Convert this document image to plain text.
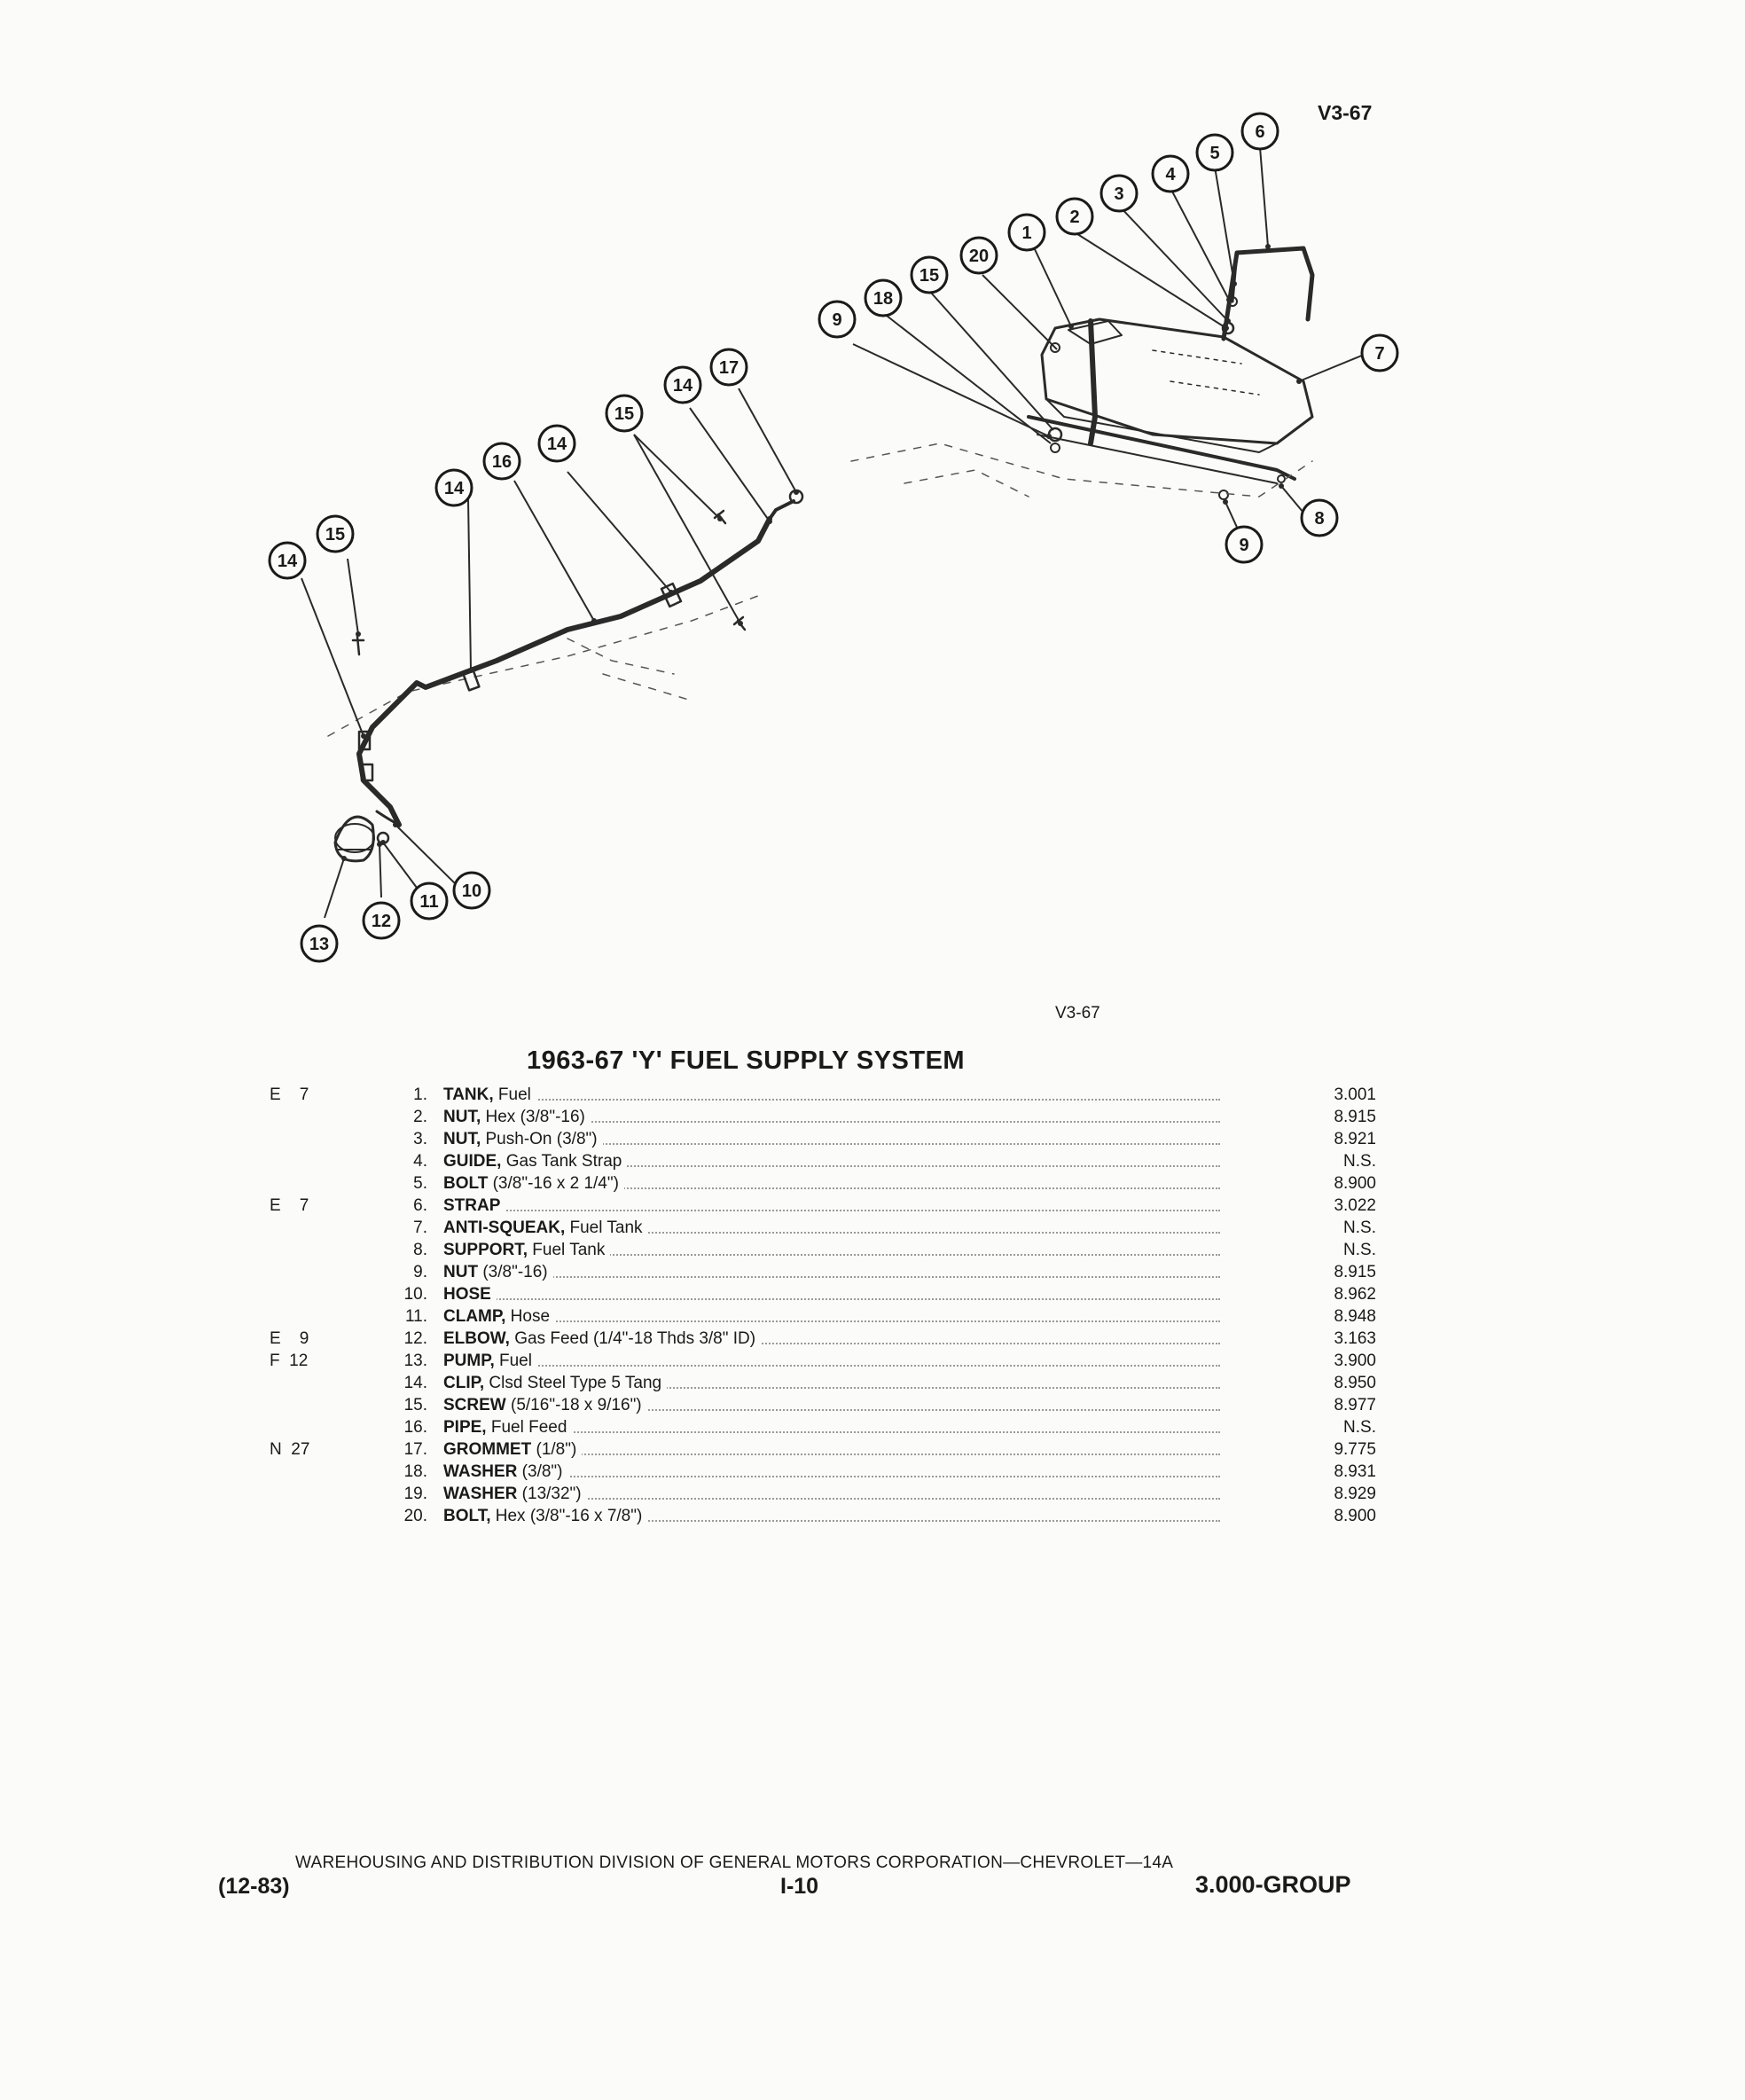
V3-67
1
2
3
4
5
6
7
8
9
9
10
11
12
13
14
14
14
14
15
15
15
16
17
18
20
V3-67
1963-67 'Y' FUEL SUPPLY SYSTEM
E    7	1. TANK, Fuel	3.001
2. NUT, Hex (3/8"-16)	8.915
3. NUT, Push-On (3/8")	8.921
4. GUIDE, Gas Tank Strap	N.S.
5. BOLT (3/8"-16 x 2 1/4")	8.900
E    7	6. STRAP	3.022
7. ANTI-SQUEAK, Fuel Tank	N.S.
8. SUPPORT, Fuel Tank	N.S.
9. NUT (3/8"-16)	8.915
10. HOSE	8.962
11. CLAMP, Hose	8.948
E    9	12. ELBOW, Gas Feed (1/4"-18 Thds 3/8" ID)	3.163
F  12	13. PUMP, Fuel	3.900
14. CLIP, Clsd Steel Type 5 Tang	8.950
15. SCREW (5/16"-18 x 9/16")	8.977
16. PIPE, Fuel Feed	N.S.
N  27	17. GROMMET (1/8")	9.775
18. WASHER (3/8")	8.931
19. WASHER (13/32")	8.929
20. BOLT, Hex (3/8"-16 x 7/8")	8.900
WAREHOUSING AND DISTRIBUTION DIVISION OF GENERAL MOTORS CORPORATION—CHEVROLET—14A
(12-83)	I-10	3.000-GROUP
